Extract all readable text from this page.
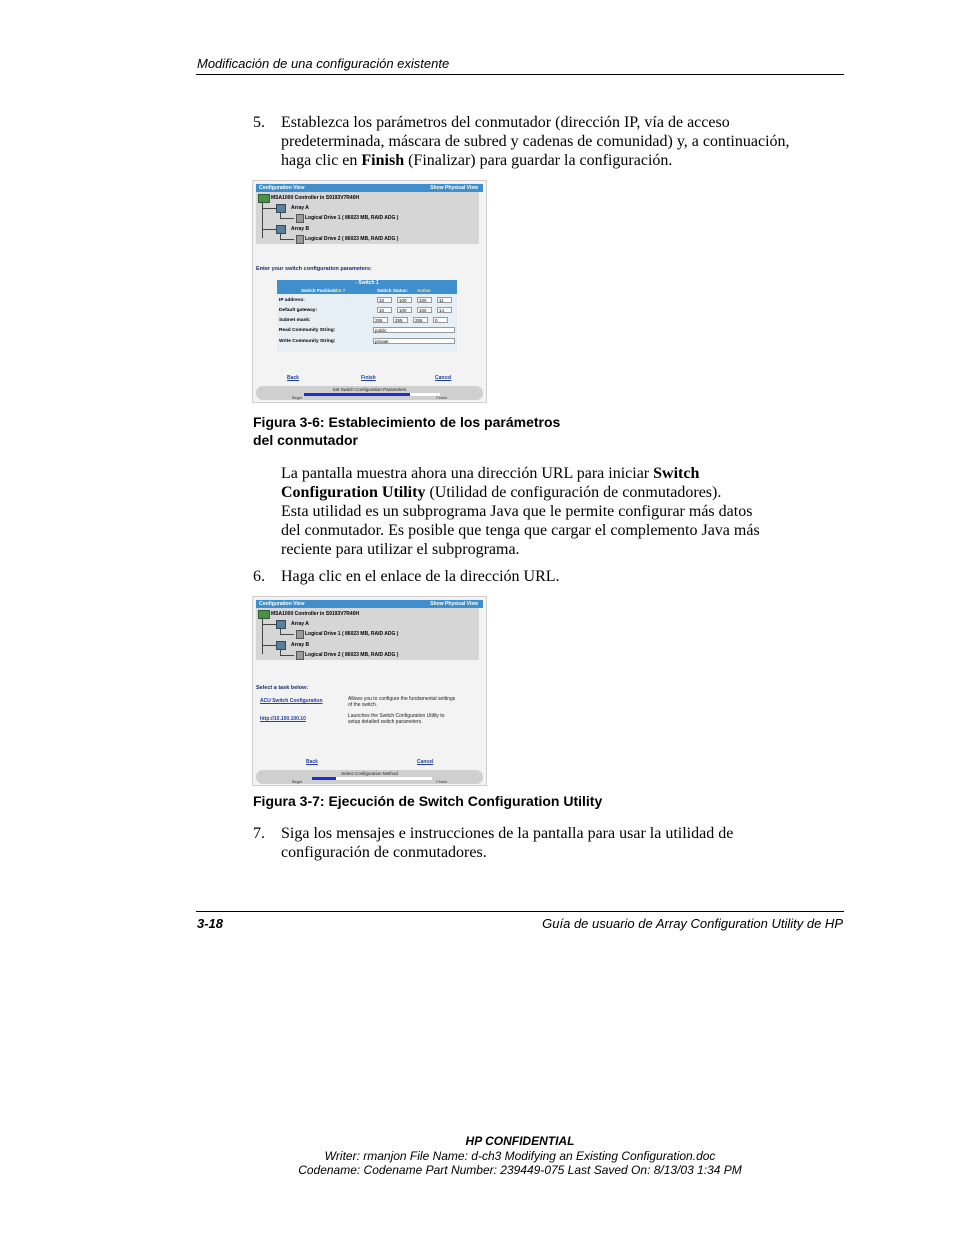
Modificación de una configuración existente
5. Establezca los parámetros del conmutador (dirección IP, vía de acceso
predeterminada, máscara de subred y cadenas de comunidad) y, a continuación,
haga clic en Finish (Finalizar) para guardar la configuración.
Configuration View	Show Physical View
MSA1000 Controller in S9193V7R40H
Array A
Logical Drive 1 ( 86023 MB, RAID ADG )
Array B
Logical Drive 2 ( 86023 MB, RAID ADG )
Enter your switch configuration parameters:
- Switch 1
Switch Position:
Slot 7	Switch Status: Active
IP address:	10	100	100	11
Default gateway:	10	100	100	14
Subnet mask:	255	255	255	0
Read Community String:	public
Write Community String:	private
Back	Finish	Cancel
Set Switch Configuration Parameters
Begin	Finish
Figura 3-6: Establecimiento de los parámetros
del conmutador
La pantalla muestra ahora una dirección URL para iniciar Switch
Configuration Utility (Utilidad de configuración de conmutadores).
Esta utilidad es un subprograma Java que le permite configurar más datos
del conmutador. Es posible que tenga que cargar el complemento Java más
reciente para utilizar el subprograma.
6. Haga clic en el enlace de la dirección URL.
Configuration View	Show Physical View
MSA1000 Controller in S9193V7R40H
Array A
Logical Drive 1 ( 86023 MB, RAID ADG )
Array B
Logical Drive 2 ( 86023 MB, RAID ADG )
Select a task below:
ACU Switch Configuration	Allows you to configure the fundamental settings
of the switch.
http://10.100.100.10	Launches the Switch Configuration Utility to
setup detailed switch parameters.
Back	Cancel
Select Configuration Method
Begin	Finish
Figura 3-7: Ejecución de Switch Configuration Utility
7. Siga los mensajes e instrucciones de la pantalla para usar la utilidad de
configuración de conmutadores.
3-18	Guía de usuario de Array Configuration Utility de HP
HP CONFIDENTIAL
Writer: rmanjon File Name: d-ch3 Modifying an Existing Configuration.doc
Codename: Codename Part Number: 239449-075 Last Saved On: 8/13/03 1:34 PM
